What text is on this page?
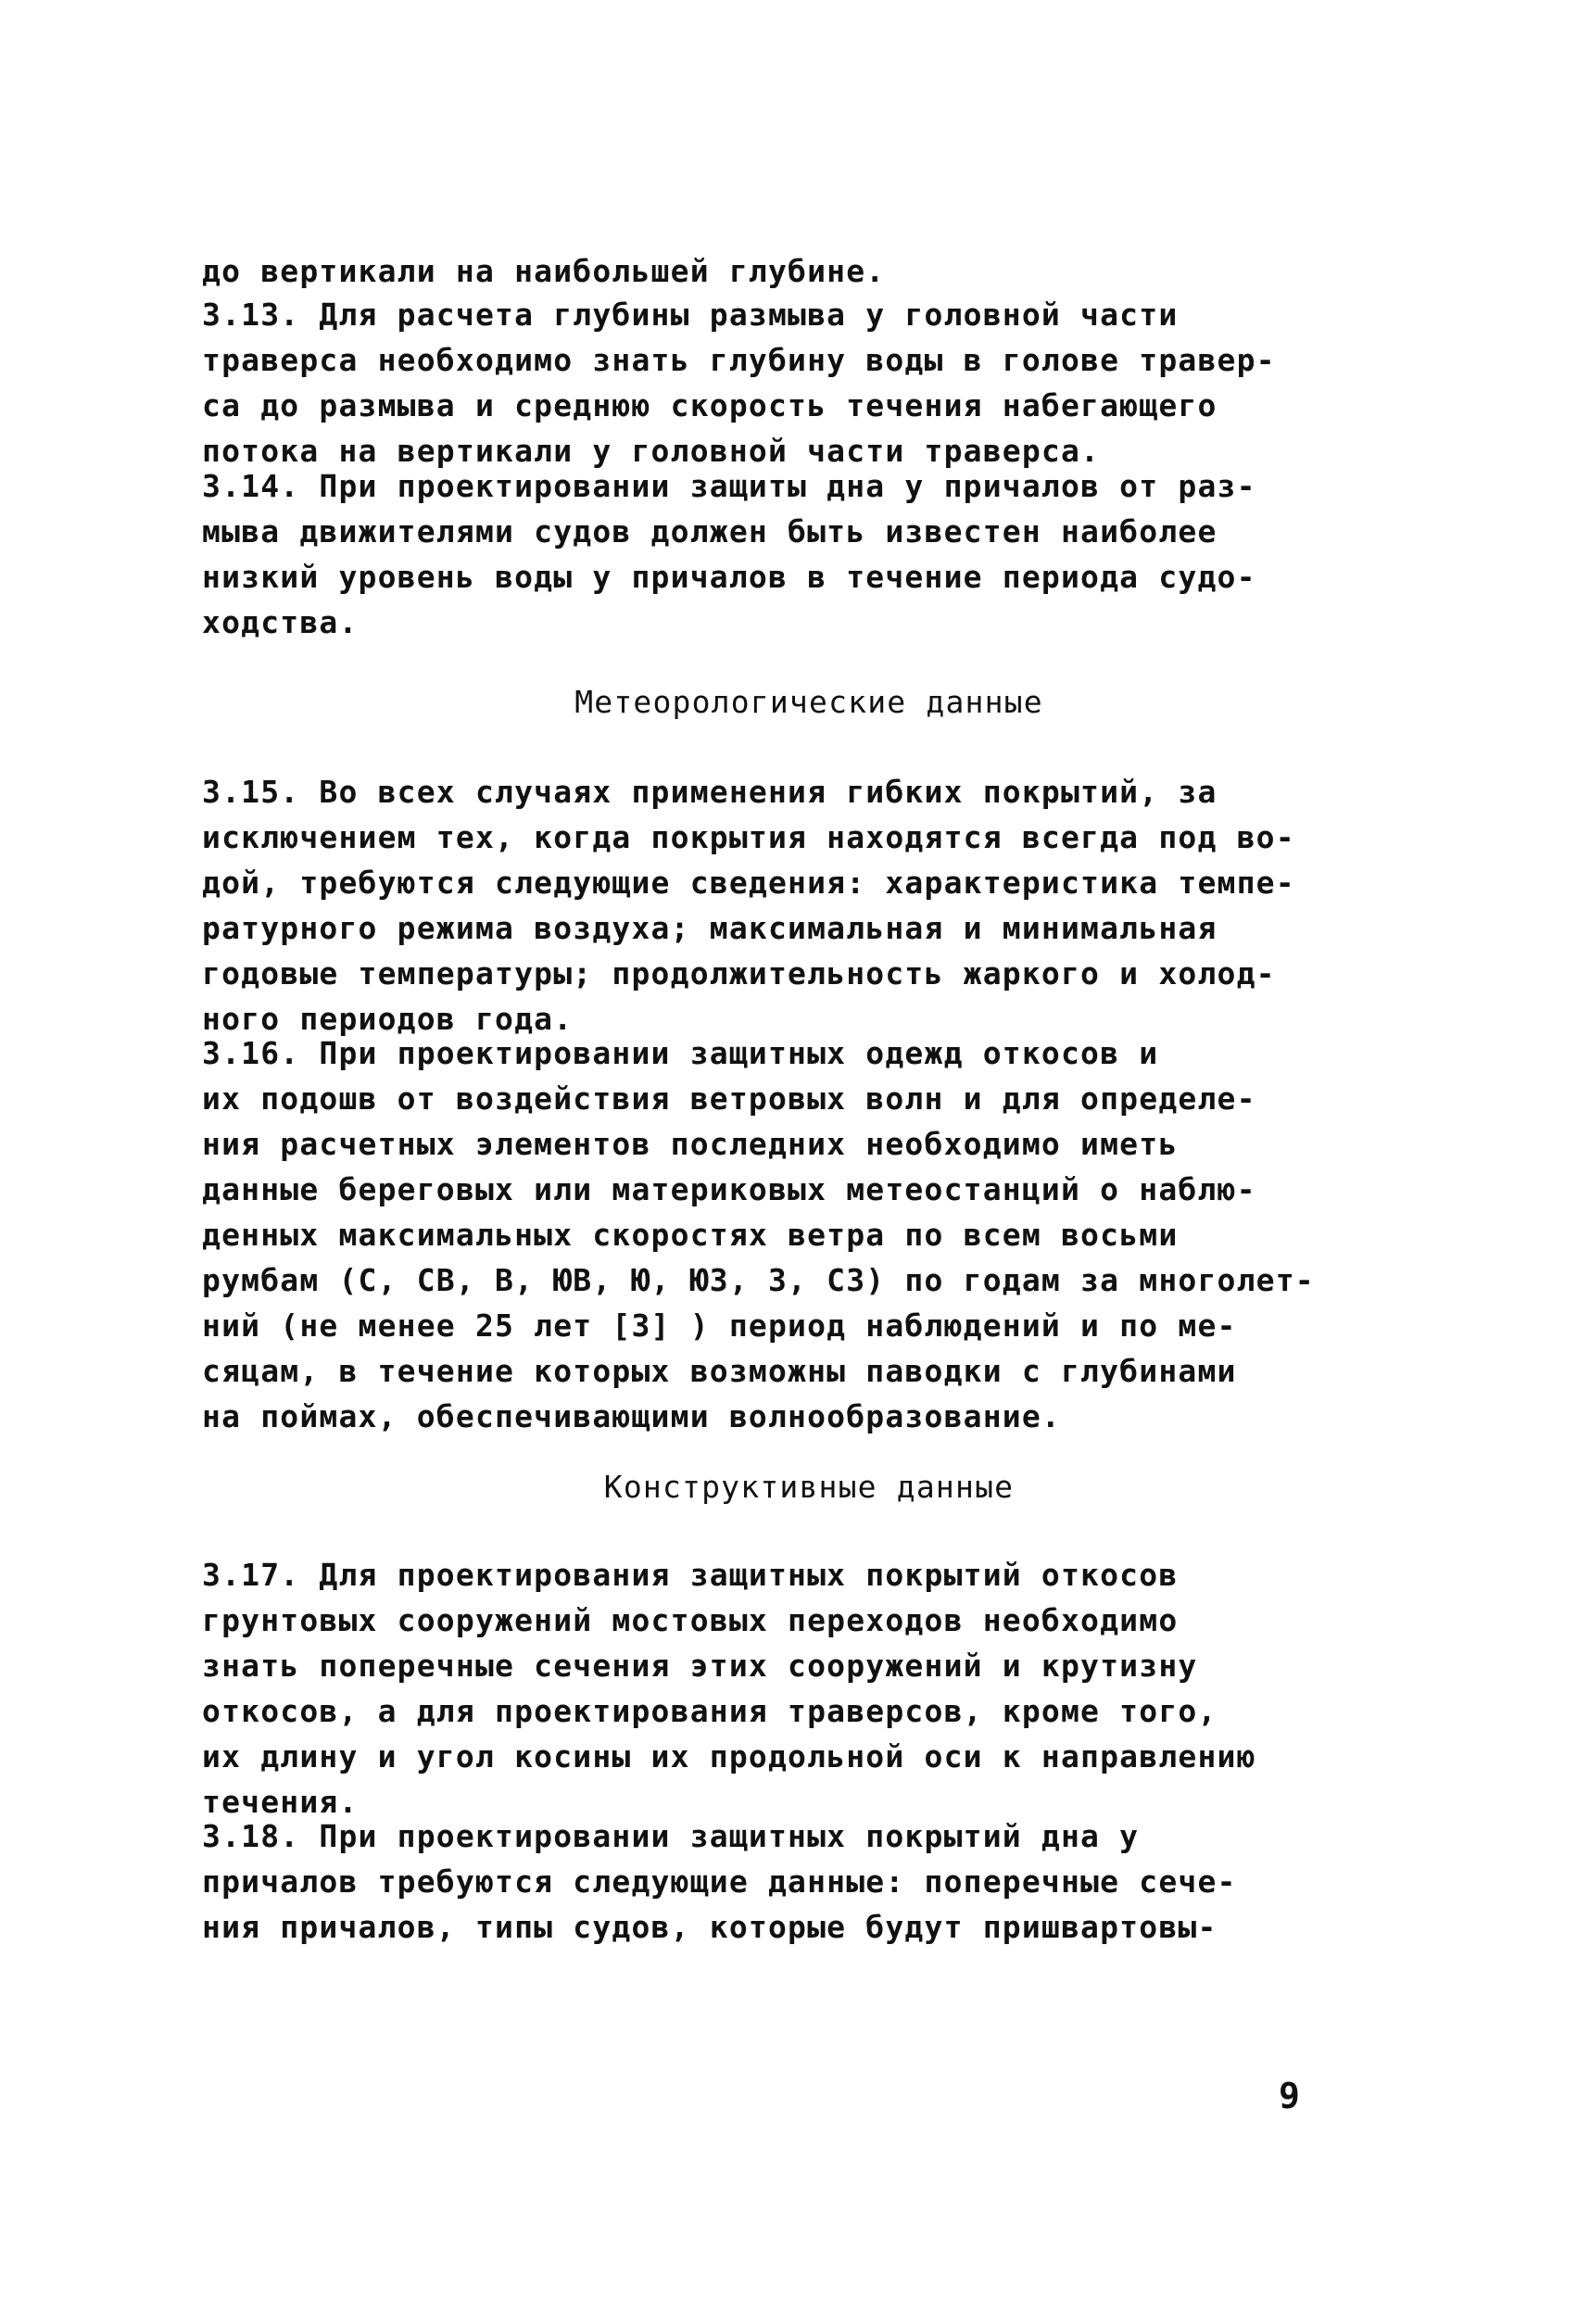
до вертикали на наибольшей глубине.

3.13. Для расчета глубины размыва у головной части
траверса необходимо знать глубину воды в голове травер-
са до размыва и среднюю скорость течения набегающего
потока на вертикали у головной части траверса.

3.14. При проектировании защиты дна у причалов от раз-
мыва движителями судов должен быть известен наиболее
низкий уровень воды у причалов в течение периода судо-
ходства.

Метеорологические данные

3.15. Во всех случаях применения гибких покрытий, за
исключением тех, когда покрытия находятся всегда под во-
дой, требуются следующие сведения: характеристика темпе-
ратурного режима воздуха; максимальная и минимальная
годовые температуры; продолжительность жаркого и холод-
ного периодов года.

3.16. При проектировании защитных одежд откосов и
их подошв от воздействия ветровых волн и для определе-
ния расчетных элементов последних необходимо иметь
данные береговых или материковых метеостанций о наблю-
денных максимальных скоростях ветра по всем восьми
румбам (С, СВ, В, ЮВ, Ю, ЮЗ, З, СЗ) по годам за многолет-
ний (не менее 25 лет [3] ) период наблюдений и по ме-
сяцам, в течение которых возможны паводки с глубинами
на поймах, обеспечивающими волнообразование.

Конструктивные данные

3.17. Для проектирования защитных покрытий откосов
грунтовых сооружений мостовых переходов необходимо
знать поперечные сечения этих сооружений и крутизну
откосов, а для проектирования траверсов, кроме того,
их длину и угол косины их продольной оси к направлению
течения.

3.18. При проектировании защитных покрытий дна у
причалов требуются следующие данные: поперечные сече-
ния причалов, типы судов, которые будут пришвартовы-

9
